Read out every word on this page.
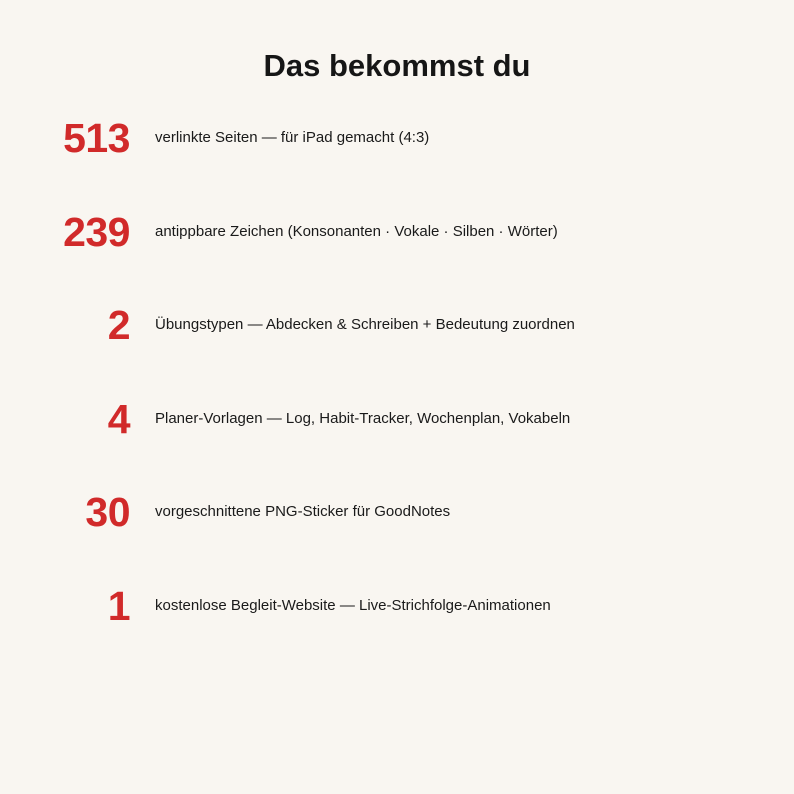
Das bekommst du
513 verlinkte Seiten — für iPad gemacht (4:3)
239 antippbare Zeichen (Konsonanten · Vokale · Silben · Wörter)
2 Übungstypen — Abdecken & Schreiben + Bedeutung zuordnen
4 Planer-Vorlagen — Log, Habit-Tracker, Wochenplan, Vokabeln
30 vorgeschnittene PNG-Sticker für GoodNotes
1 kostenlose Begleit-Website — Live-Strichfolge-Animationen
